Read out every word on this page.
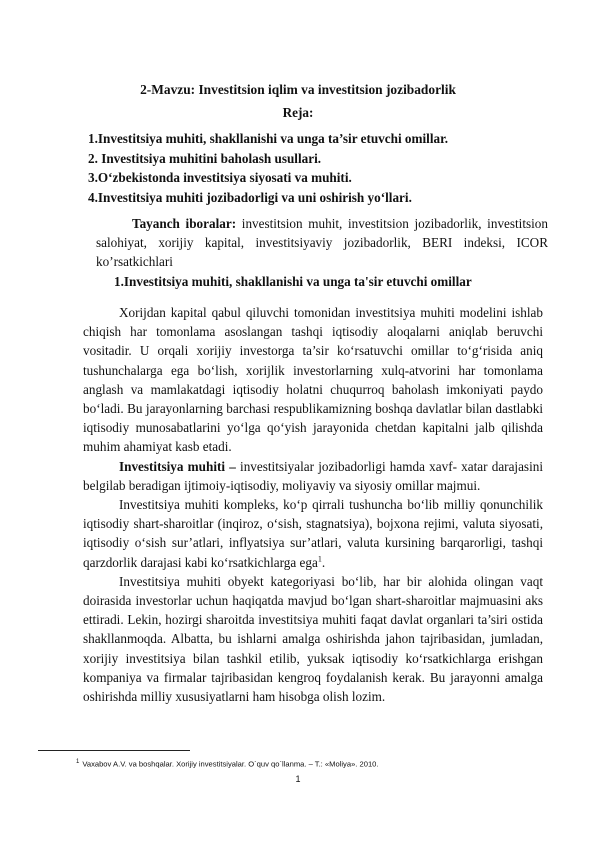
2-Mavzu: Investitsion iqlim va investitsion jozibadorlik

Reja:

1.Investitsiya muhiti, shakllanishi va unga ta’sir etuvchi omillar.
2. Investitsiya muhitini baholash usullari.
3.O‘zbekistonda investitsiya siyosati va muhiti.
4.Investitsiya muhiti jozibadorligi va uni oshirish yo‘llari.

Tayanch iboralar: investitsion muhit, investitsion jozibadorlik, investitsion salohiyat, xorijiy kapital, investitsiyaviy jozibadorlik, BERI indeksi, ICOR ko’rsatkichlari

1.Investitsiya muhiti, shakllanishi va unga ta'sir etuvchi omillar

Xorijdan kapital qabul qiluvchi tomonidan investitsiya muhiti modelini ishlab chiqish har tomonlama asoslangan tashqi iqtisodiy aloqalarni aniqlab beruvchi vositadir. U orqali xorijiy investorga ta’sir ko‘rsatuvchi omillar to‘g‘risida aniq tushunchalarga ega bo‘lish, xorijlik investorlarning xulq-atvorini har tomonlama anglash va mamlakatdagi iqtisodiy holatni chuqurroq baholash imkoniyati paydo bo‘ladi. Bu jarayonlarning barchasi respublikamizning boshqa davlatlar bilan dastlabki iqtisodiy munosabatlarini yo‘lga qo‘yish jarayonida chetdan kapitalni jalb qilishda muhim ahamiyat kasb etadi.

Investitsiya muhiti – investitsiyalar jozibadorligi hamda xavf- xatar darajasini belgilab beradigan ijtimoiy-iqtisodiy, moliyaviy va siyosiy omillar majmui.

Investitsiya muhiti kompleks, ko‘p qirrali tushuncha bo‘lib milliy qonunchilik iqtisodiy shart-sharoitlar (inqiroz, o‘sish, stagnatsiya), bojxona rejimi, valuta siyosati, iqtisodiy o‘sish sur’atlari, inflyatsiya sur’atlari, valuta kursining barqarorligi, tashqi qarzdorlik darajasi kabi ko‘rsatkichlarga ega$^1$.

Investitsiya muhiti obyekt kategoriyasi bo‘lib, har bir alohida olingan vaqt doirasida investorlar uchun haqiqatda mavjud bo‘lgan shart-sharoitlar majmuasini aks ettiradi. Lekin, hozirgi sharoitda investitsiya muhiti faqat davlat organlari ta’siri ostida shakllanmoqda. Albatta, bu ishlarni amalga oshirishda jahon tajribasidan, jumladan, xorijiy investitsiya bilan tashkil etilib, yuksak iqtisodiy ko‘rsatkichlarga erishgan kompaniya va firmalar tajribasidan kengroq foydalanish kerak. Bu jarayonni amalga oshirishda milliy xususiyatlarni ham hisobga olish lozim.

$^1$ Vaxabov A.V. va boshqalar. Xorijiy investitsiyalar. O`quv qo`llanma. – T.: «Moliya». 2010.

1
